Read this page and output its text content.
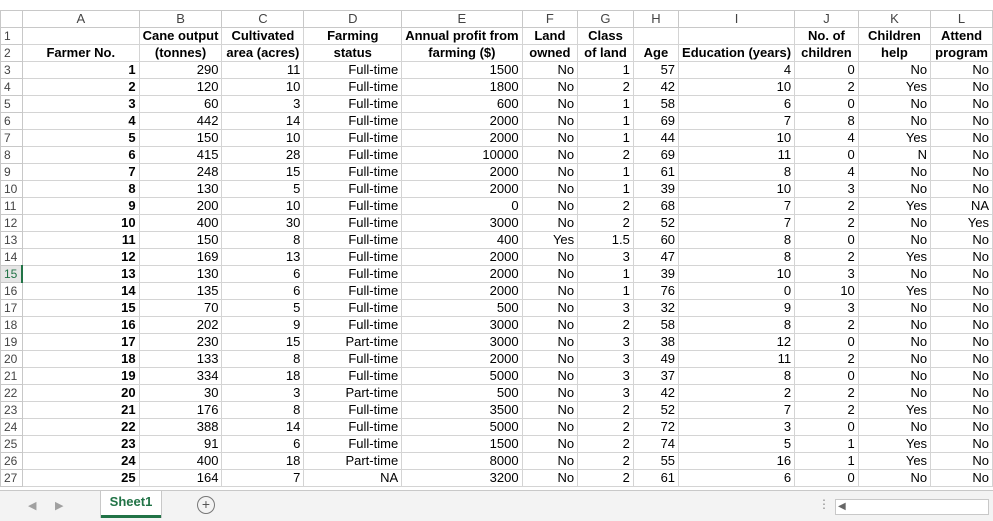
	A	B	C	D	E	F	G	H	I	J	K	L
1		Cane output	Cultivated	Farming	Annual profit from	Land	Class			No. of	Children	Attend
2	Farmer No.	(tonnes)	area (acres)	status	farming ($)	owned	of land	Age	Education (years)	children	help	program
3	1	290	11	Full-time	1500	No	1	57	4	0	No	No
4	2	120	10	Full-time	1800	No	2	42	10	2	Yes	No
5	3	60	3	Full-time	600	No	1	58	6	0	No	No
6	4	442	14	Full-time	2000	No	1	69	7	8	No	No
7	5	150	10	Full-time	2000	No	1	44	10	4	Yes	No
8	6	415	28	Full-time	10000	No	2	69	11	0	N	No
9	7	248	15	Full-time	2000	No	1	61	8	4	No	No
10	8	130	5	Full-time	2000	No	1	39	10	3	No	No
11	9	200	10	Full-time	0	No	2	68	7	2	Yes	NA
12	10	400	30	Full-time	3000	No	2	52	7	2	No	Yes
13	11	150	8	Full-time	400	Yes	1.5	60	8	0	No	No
14	12	169	13	Full-time	2000	No	3	47	8	2	Yes	No
15	13	130	6	Full-time	2000	No	1	39	10	3	No	No
16	14	135	6	Full-time	2000	No	1	76	0	10	Yes	No
17	15	70	5	Full-time	500	No	3	32	9	3	No	No
18	16	202	9	Full-time	3000	No	2	58	8	2	No	No
19	17	230	15	Part-time	3000	No	3	38	12	0	No	No
20	18	133	8	Full-time	2000	No	3	49	11	2	No	No
21	19	334	18	Full-time	5000	No	3	37	8	0	No	No
22	20	30	3	Part-time	500	No	3	42	2	2	No	No
23	21	176	8	Full-time	3500	No	2	52	7	2	Yes	No
24	22	388	14	Full-time	5000	No	2	72	3	0	No	No
25	23	91	6	Full-time	1500	No	2	74	5	1	Yes	No
26	24	400	18	Part-time	8000	No	2	55	16	1	Yes	No
27	25	164	7	NA	3200	No	2	61	6	0	No	No
◀ ▶	Sheet1	+	⋮ ◀
